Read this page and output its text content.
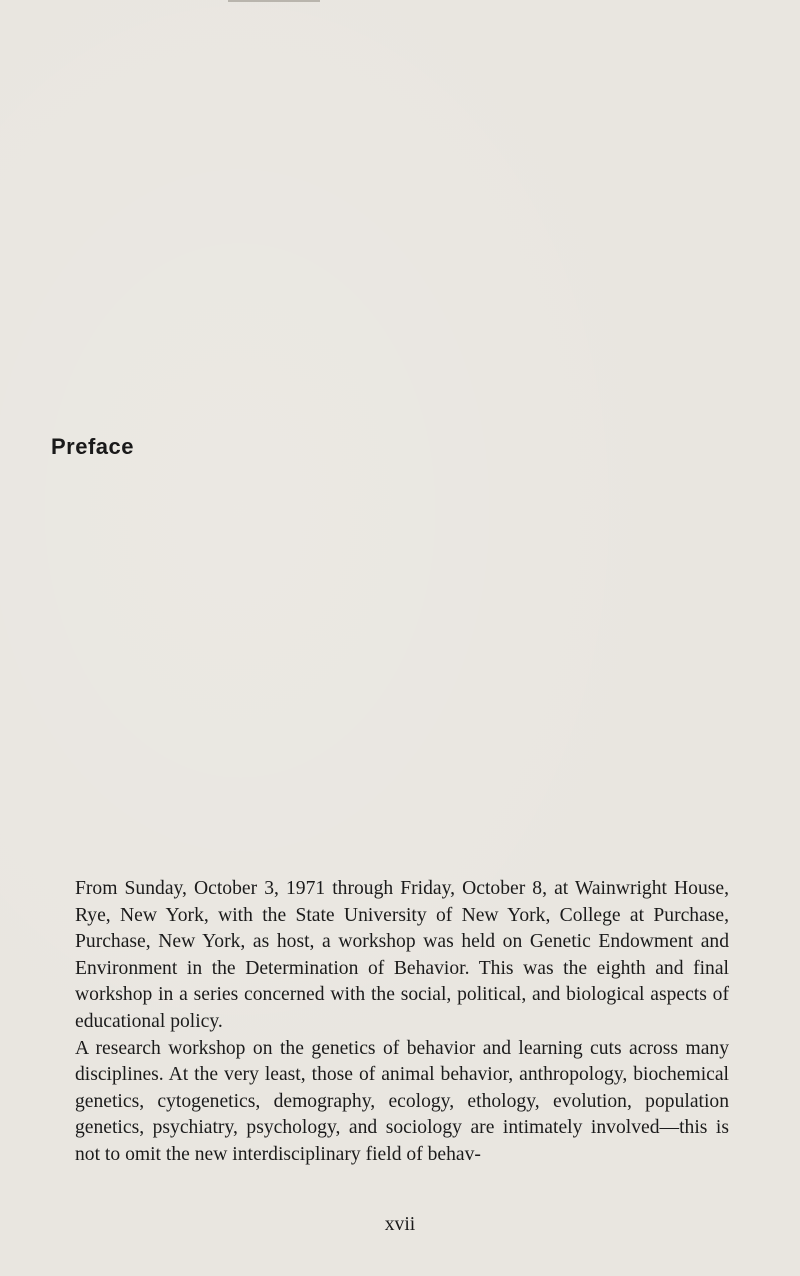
Preface

From Sunday, October 3, 1971 through Friday, October 8, at Wainwright House, Rye, New York, with the State University of New York, College at Purchase, Purchase, New York, as host, a workshop was held on Genetic Endowment and Environment in the Determination of Behavior. This was the eighth and final workshop in a series concerned with the social, political, and biological aspects of educational policy.

A research workshop on the genetics of behavior and learning cuts across many disciplines. At the very least, those of animal behavior, anthropology, biochemical genetics, cytogenetics, demography, ecology, ethology, evolution, population genetics, psychiatry, psychology, and sociology are intimately involved—this is not to omit the new interdisciplinary field of behav-

xvii
